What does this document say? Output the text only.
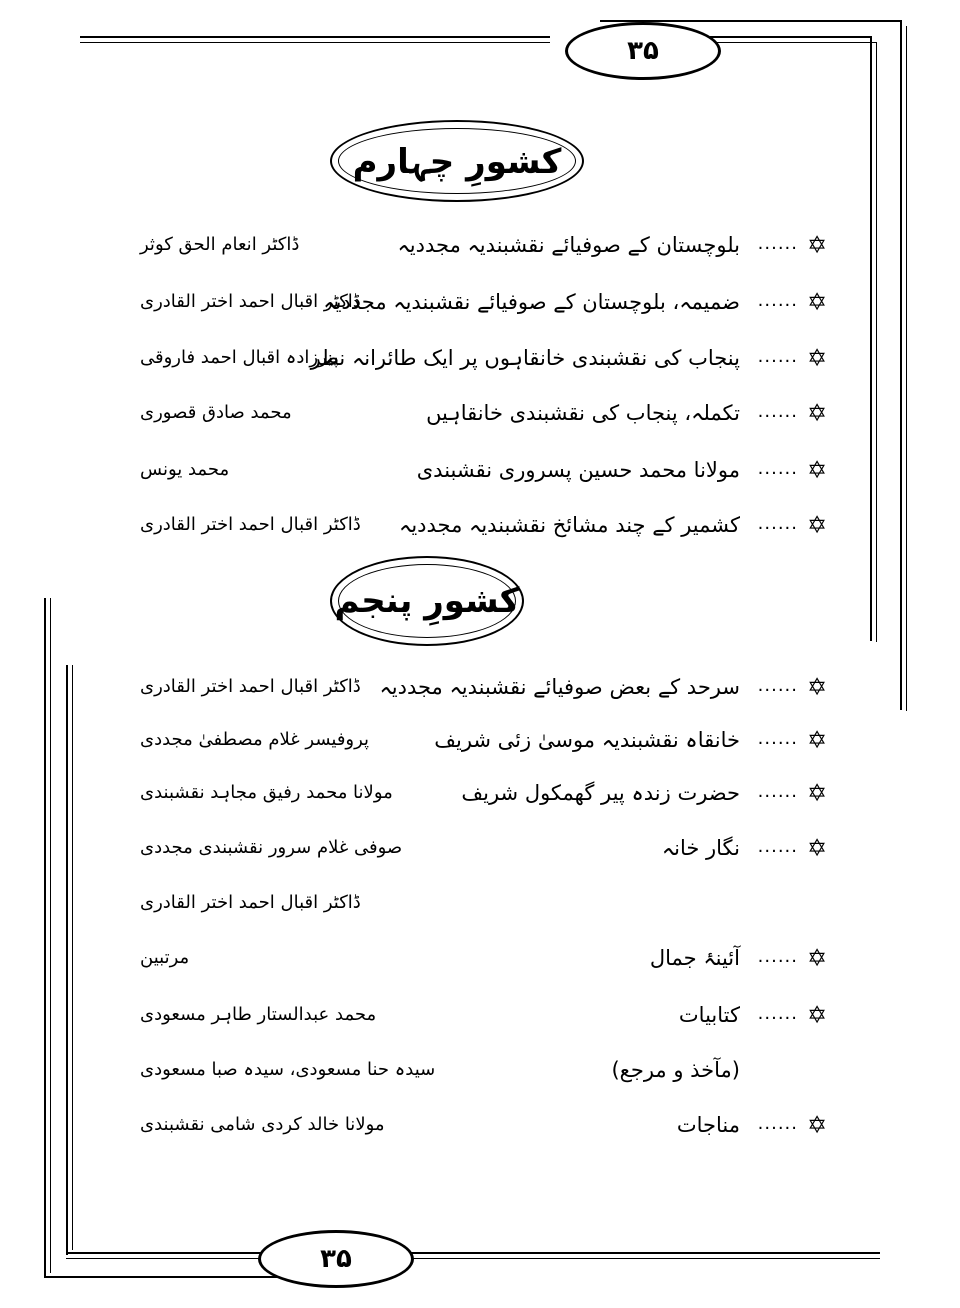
۳۵
کشورِ چہارم
✡
......
بلوچستان کے صوفیائے نقشبندیہ مجددیہ
ڈاکٹر انعام الحق کوثر
✡
......
ضمیمہ، بلوچستان کے صوفیائے نقشبندیہ مجددیہ
ڈاکٹر اقبال احمد اختر القادری
✡
......
پنجاب کی نقشبندی خانقاہوں پر ایک طائرانہ نظر
پیرزادہ اقبال احمد فاروقی
✡
......
تکملہ، پنجاب کی نقشبندی خانقاہیں
محمد صادق قصوری
✡
......
مولانا محمد حسین پسروری نقشبندی
محمد یونس
✡
......
کشمیر کے چند مشائخ نقشبندیہ مجددیہ
ڈاکٹر اقبال احمد اختر القادری
کشورِ پنجم
✡
......
سرحد کے بعض صوفیائے نقشبندیہ مجددیہ
ڈاکٹر اقبال احمد اختر القادری
✡
......
خانقاہ نقشبندیہ موسیٰ زئی شریف
پروفیسر غلام مصطفیٰ مجددی
✡
......
حضرت زندہ پیر گھمکول شریف
مولانا محمد رفیق مجاہد نقشبندی
✡
......
نگار خانہ
صوفی غلام سرور نقشبندی مجددی
ڈاکٹر اقبال احمد اختر القادری
✡
......
آئینۂ جمال
مرتبین
✡
......
کتابیات
محمد عبدالستار طاہر مسعودی
(مآخذ و مرجع)
سیدہ حنا مسعودی، سیدہ صبا مسعودی
✡
......
مناجات
مولانا خالد کردی شامی نقشبندی
۳۵
